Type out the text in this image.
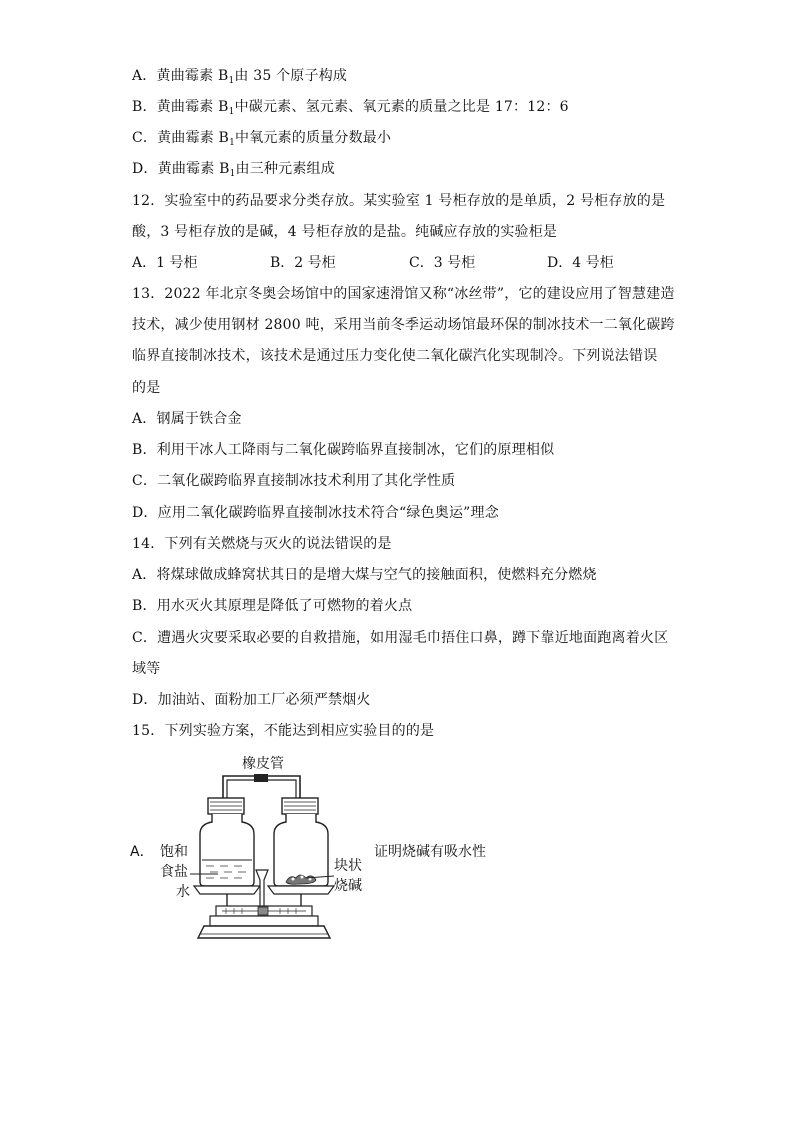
A．黄曲霉素 $B_1$由 35 个原子构成
B．黄曲霉素 $B_1$中碳元素、氢元素、氧元素的质量之比是 17：12：6
C．黄曲霉素 $B_1$中氧元素的质量分数最小
D．黄曲霉素 $B_1$由三种元素组成
12．实验室中的药品要求分类存放。某实验室 1 号柜存放的是单质，2 号柜存放的是
酸，3 号柜存放的是碱，4 号柜存放的是盐。纯碱应存放的实验柜是
A．1 号柜	B．2 号柜	C．3 号柜	D．4 号柜
13．2022 年北京冬奥会场馆中的国家速滑馆又称“冰丝带”，它的建设应用了智慧建造
技术，减少使用钢材 2800 吨，采用当前冬季运动场馆最环保的制冰技术一二氧化碳跨
临界直接制冰技术，该技术是通过压力变化使二氧化碳汽化实现制冷。下列说法错误
的是
A．钢属于铁合金
B．利用干冰人工降雨与二氧化碳跨临界直接制冰，它们的原理相似
C．二氧化碳跨临界直接制冰技术利用了其化学性质
D．应用二氧化碳跨临界直接制冰技术符合“绿色奥运”理念
14．下列有关燃烧与灭火的说法错误的是
A．将煤球做成蜂窝状其日的是增大煤与空气的接触面积，使燃料充分燃烧
B．用水灭火其原理是降低了可燃物的着火点
C．遭遇火灾要采取必要的自救措施，如用湿毛巾捂住口鼻，蹲下靠近地面跑离着火区
域等
D．加油站、面粉加工厂必须严禁烟火
15．下列实验方案，不能达到相应实验目的的是
橡皮管
A． 饱和
食盐
水
块状
烧碱
证明烧碱有吸水性
